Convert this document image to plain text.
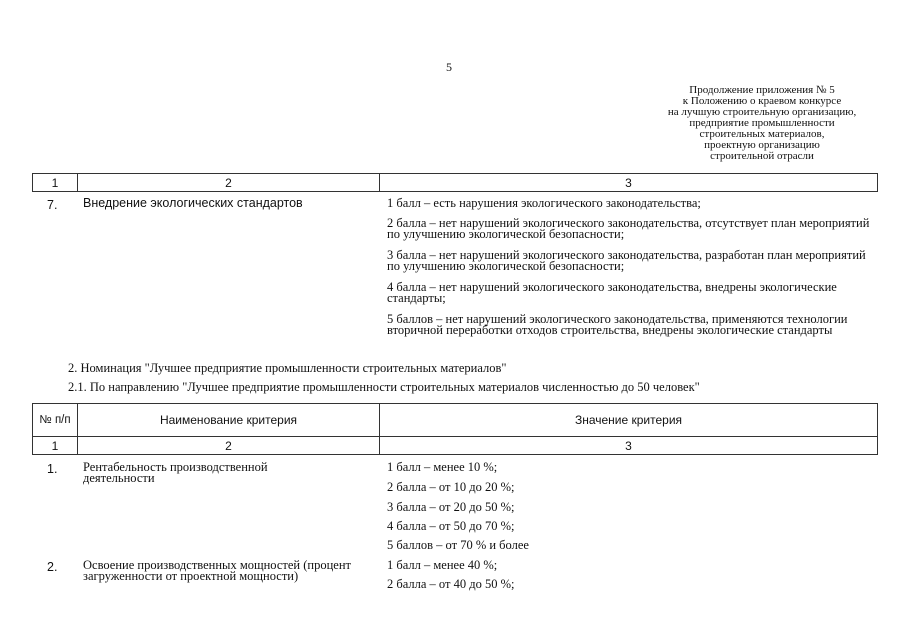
5
Продолжение приложения № 5
к Положению о краевом конкурсе
на лучшую строительную организацию,
предприятие промышленности
строительных материалов,
проектную организацию
строительной отрасли
1	2	3
7.	Внедрение экологических стандартов	1 балл – есть нарушения экологического законодательства;
2 балла – нет нарушений экологического законодательства, отсутствует план мероприятий по улучшению экологической безопасности;
3 балла – нет нарушений экологического законодательства, разработан план мероприятий по улучшению экологической безопасности;
4 балла – нет нарушений экологического законодательства, внедрены экологические стандарты;
5 баллов – нет нарушений экологического законодательства, применяются технологии вторичной переработки отходов строительства, внедрены экологические стандарты
2. Номинация "Лучшее предприятие промышленности строительных материалов"
2.1. По направлению "Лучшее предприятие промышленности строительных материалов численностью до 50 человек"
№ п/п	Наименование критерия	Значение критерия
1	2	3
1.	Рентабельность производственной деятельности
1 балл – менее 10 %;
2 балла – от 10 до 20 %;
3 балла – от 20 до 50 %;
4 балла – от 50 до 70 %;
5 баллов – от 70 % и более
2.	Освоение производственных мощностей (процент загруженности от проектной мощности)
1 балл – менее 40 %;
2 балла – от 40 до 50 %;
